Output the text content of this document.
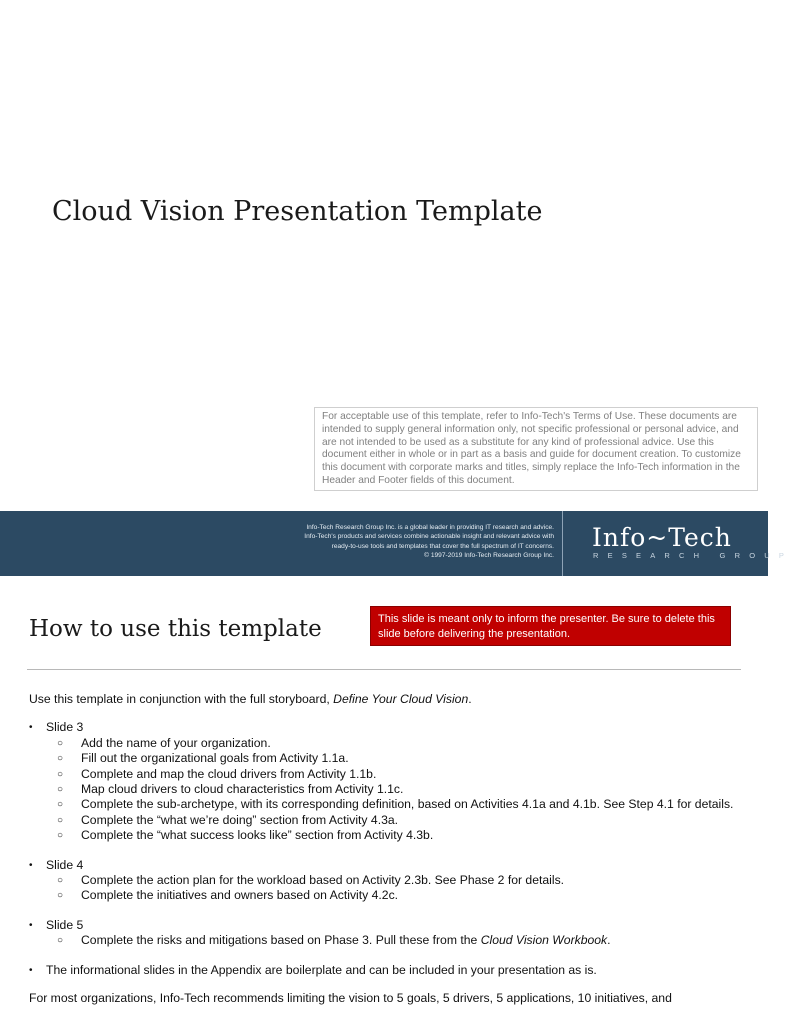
Cloud Vision Presentation Template
For acceptable use of this template, refer to Info-Tech's Terms of Use. These documents are intended to supply general information only, not specific professional or personal advice, and are not intended to be used as a substitute for any kind of professional advice. Use this document either in whole or in part as a basis and guide for document creation. To customize this document with corporate marks and titles, simply replace the Info-Tech information in the Header and Footer fields of this document.
Info-Tech Research Group Inc. is a global leader in providing IT research and advice.
Info-Tech's products and services combine actionable insight and relevant advice with
ready-to-use tools and templates that cover the full spectrum of IT concerns.
© 1997-2019 Info-Tech Research Group Inc.
Info~Tech
RESEARCH GROUP
How to use this template	This slide is meant only to inform the presenter. Be sure to delete this slide before delivering the presentation.

Use this template in conjunction with the full storyboard, Define Your Cloud Vision.

• Slide 3
○ Add the name of your organization.
○ Fill out the organizational goals from Activity 1.1a.
○ Complete and map the cloud drivers from Activity 1.1b.
○ Map cloud drivers to cloud characteristics from Activity 1.1c.
○ Complete the sub-archetype, with its corresponding definition, based on Activities 4.1a and 4.1b. See Step 4.1 for details.
○ Complete the “what we’re doing” section from Activity 4.3a.
○ Complete the “what success looks like” section from Activity 4.3b.
• Slide 4
○ Complete the action plan for the workload based on Activity 2.3b. See Phase 2 for details.
○ Complete the initiatives and owners based on Activity 4.2c.
• Slide 5
○ Complete the risks and mitigations based on Phase 3. Pull these from the Cloud Vision Workbook.
• The informational slides in the Appendix are boilerplate and can be included in your presentation as is.

For most organizations, Info-Tech recommends limiting the vision to 5 goals, 5 drivers, 5 applications, 10 initiatives, and
